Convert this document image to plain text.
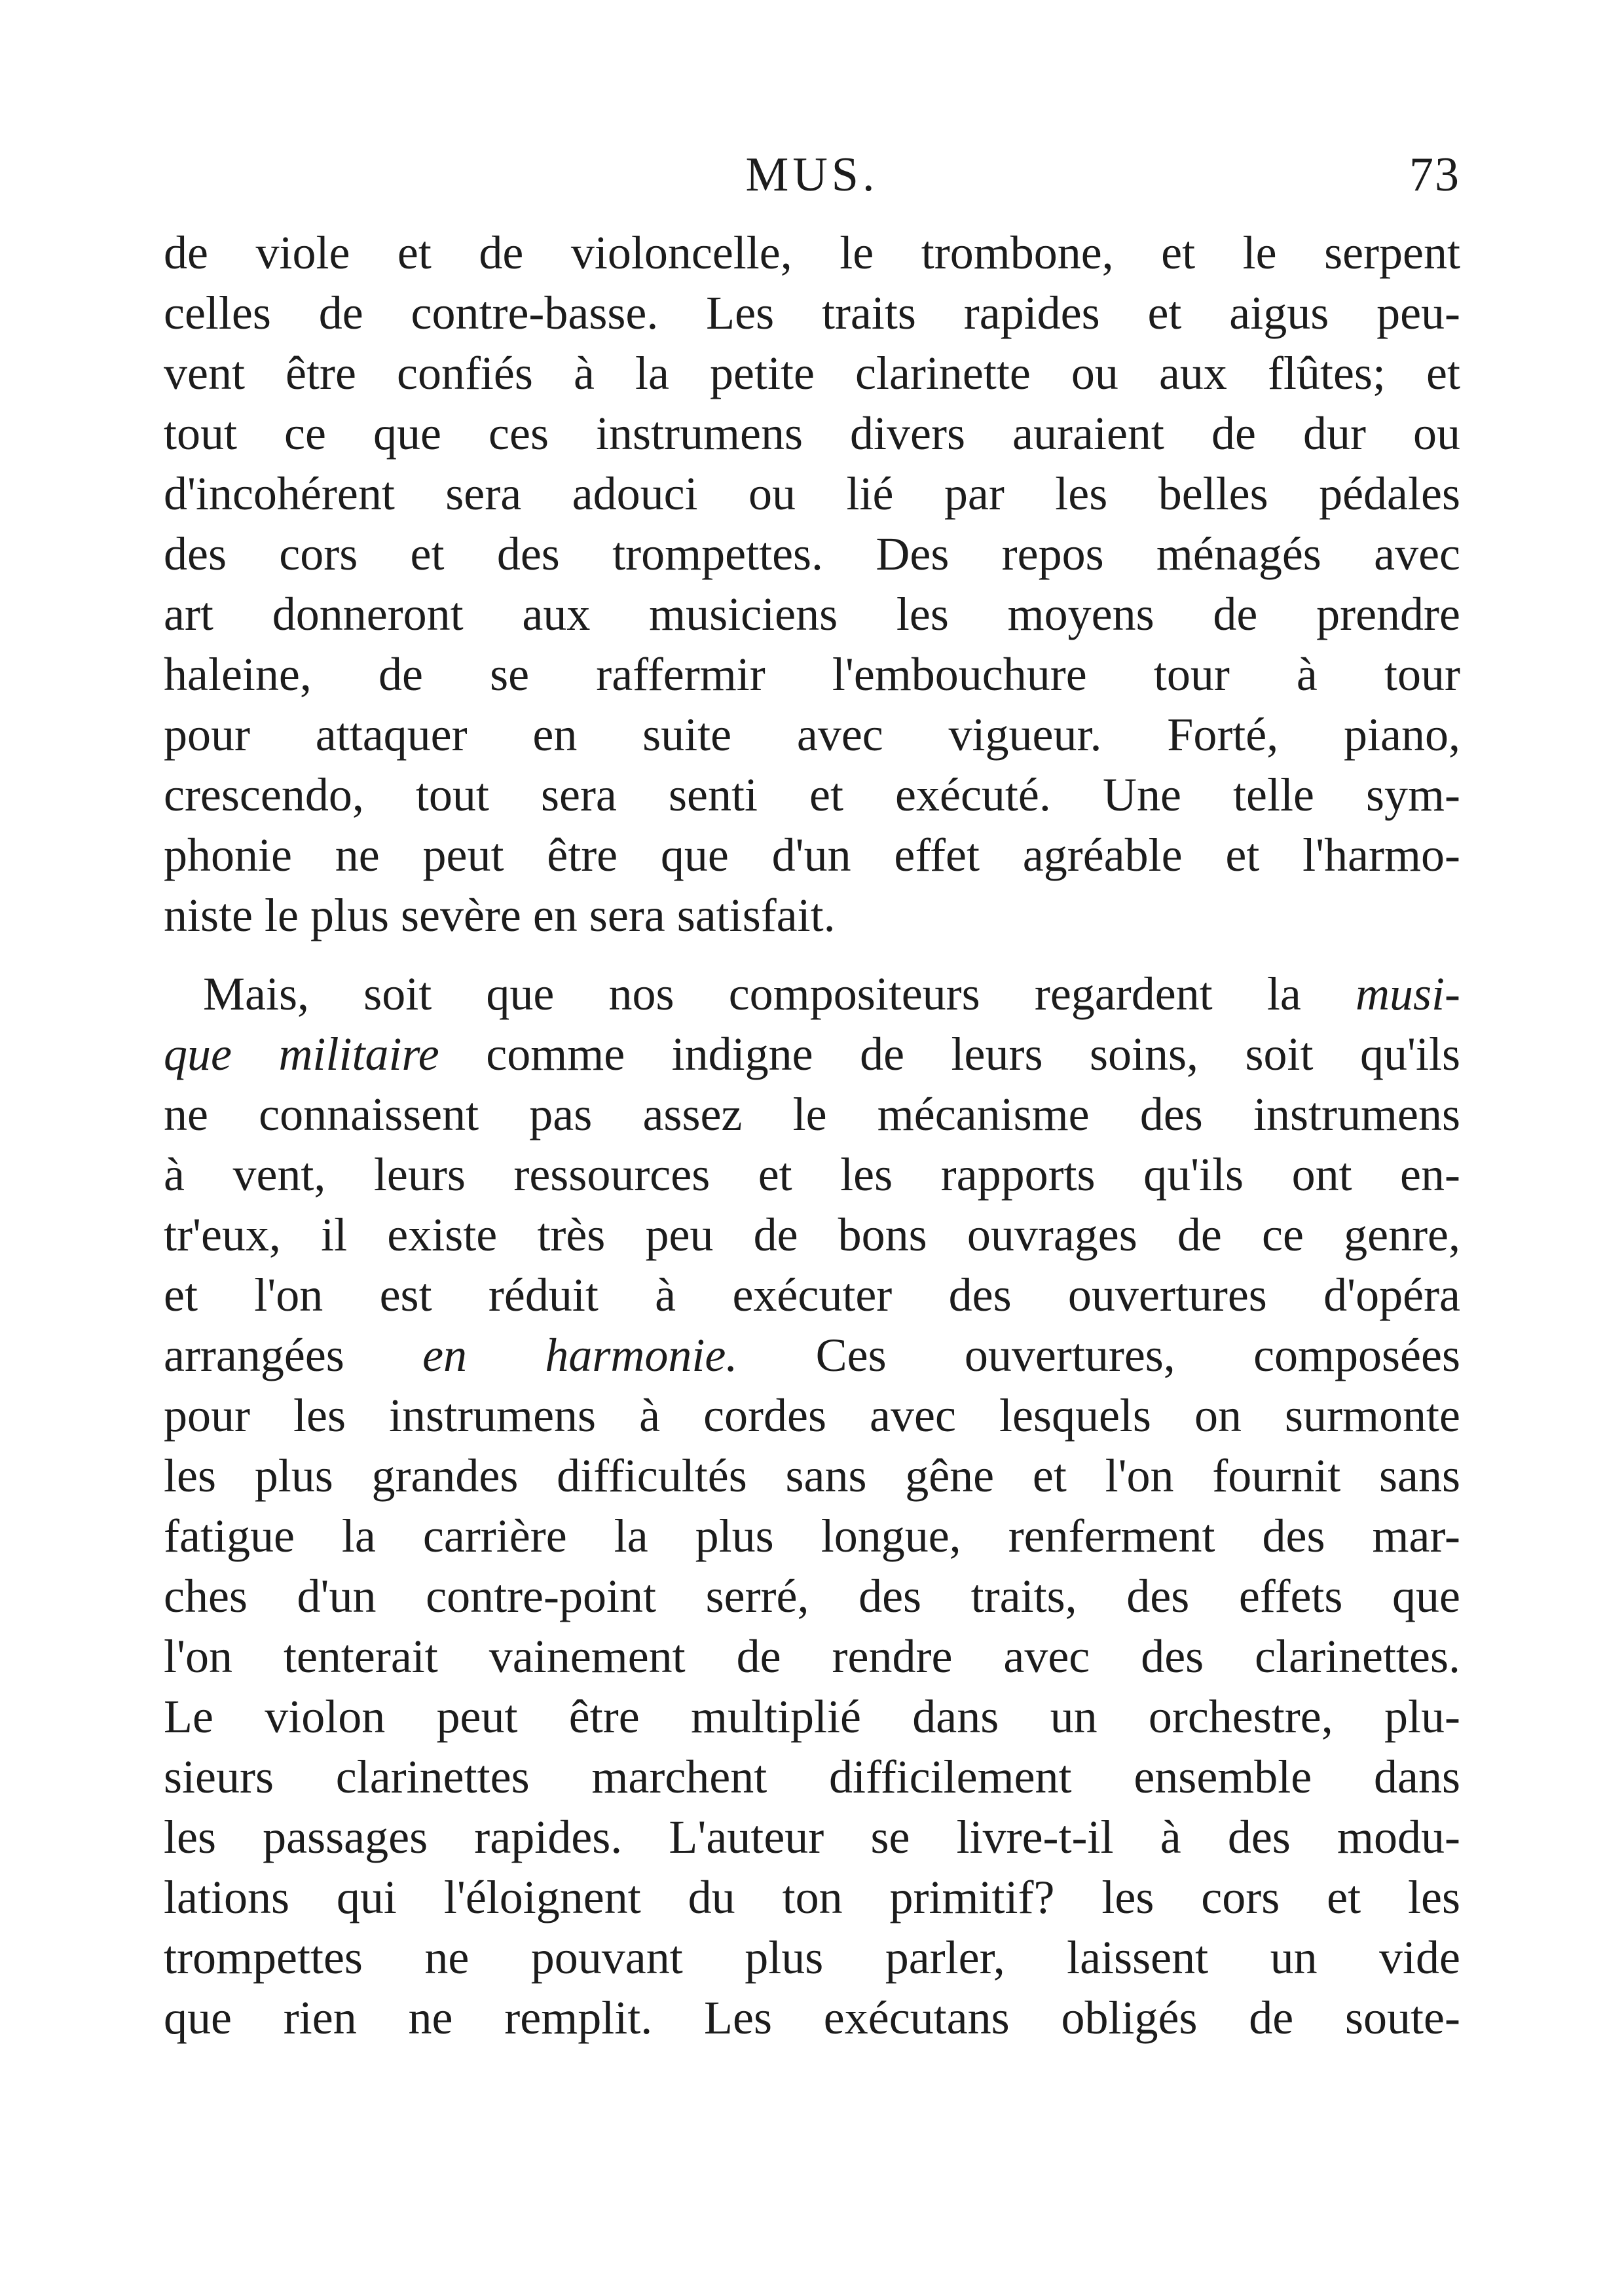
MUS.	73
de viole et de violoncelle, le trombone, et le serpent
celles de contre-basse. Les traits rapides et aigus peu-
vent être confiés à la petite clarinette ou aux flûtes; et
tout ce que ces instrumens divers auraient de dur ou
d'incohérent sera adouci ou lié par les belles pédales
des cors et des trompettes. Des repos ménagés avec
art donneront aux musiciens les moyens de prendre
haleine, de se raffermir l'embouchure tour à tour
pour attaquer en suite avec vigueur. Forté, piano,
crescendo, tout sera senti et exécuté. Une telle sym-
phonie ne peut être que d'un effet agréable et l'harmo-
niste le plus sevère en sera satisfait.
Mais, soit que nos compositeurs regardent la musi-
que militaire comme indigne de leurs soins, soit qu'ils
ne connaissent pas assez le mécanisme des instrumens
à vent, leurs ressources et les rapports qu'ils ont en-
tr'eux, il existe très peu de bons ouvrages de ce genre,
et l'on est réduit à exécuter des ouvertures d'opéra
arrangées en harmonie. Ces ouvertures, composées
pour les instrumens à cordes avec lesquels on surmonte
les plus grandes difficultés sans gêne et l'on fournit sans
fatigue la carrière la plus longue, renferment des mar-
ches d'un contre-point serré, des traits, des effets que
l'on tenterait vainement de rendre avec des clarinettes.
Le violon peut être multiplié dans un orchestre, plu-
sieurs clarinettes marchent difficilement ensemble dans
les passages rapides. L'auteur se livre-t-il à des modu-
lations qui l'éloignent du ton primitif? les cors et les
trompettes ne pouvant plus parler, laissent un vide
que rien ne remplit. Les exécutans obligés de soute-
